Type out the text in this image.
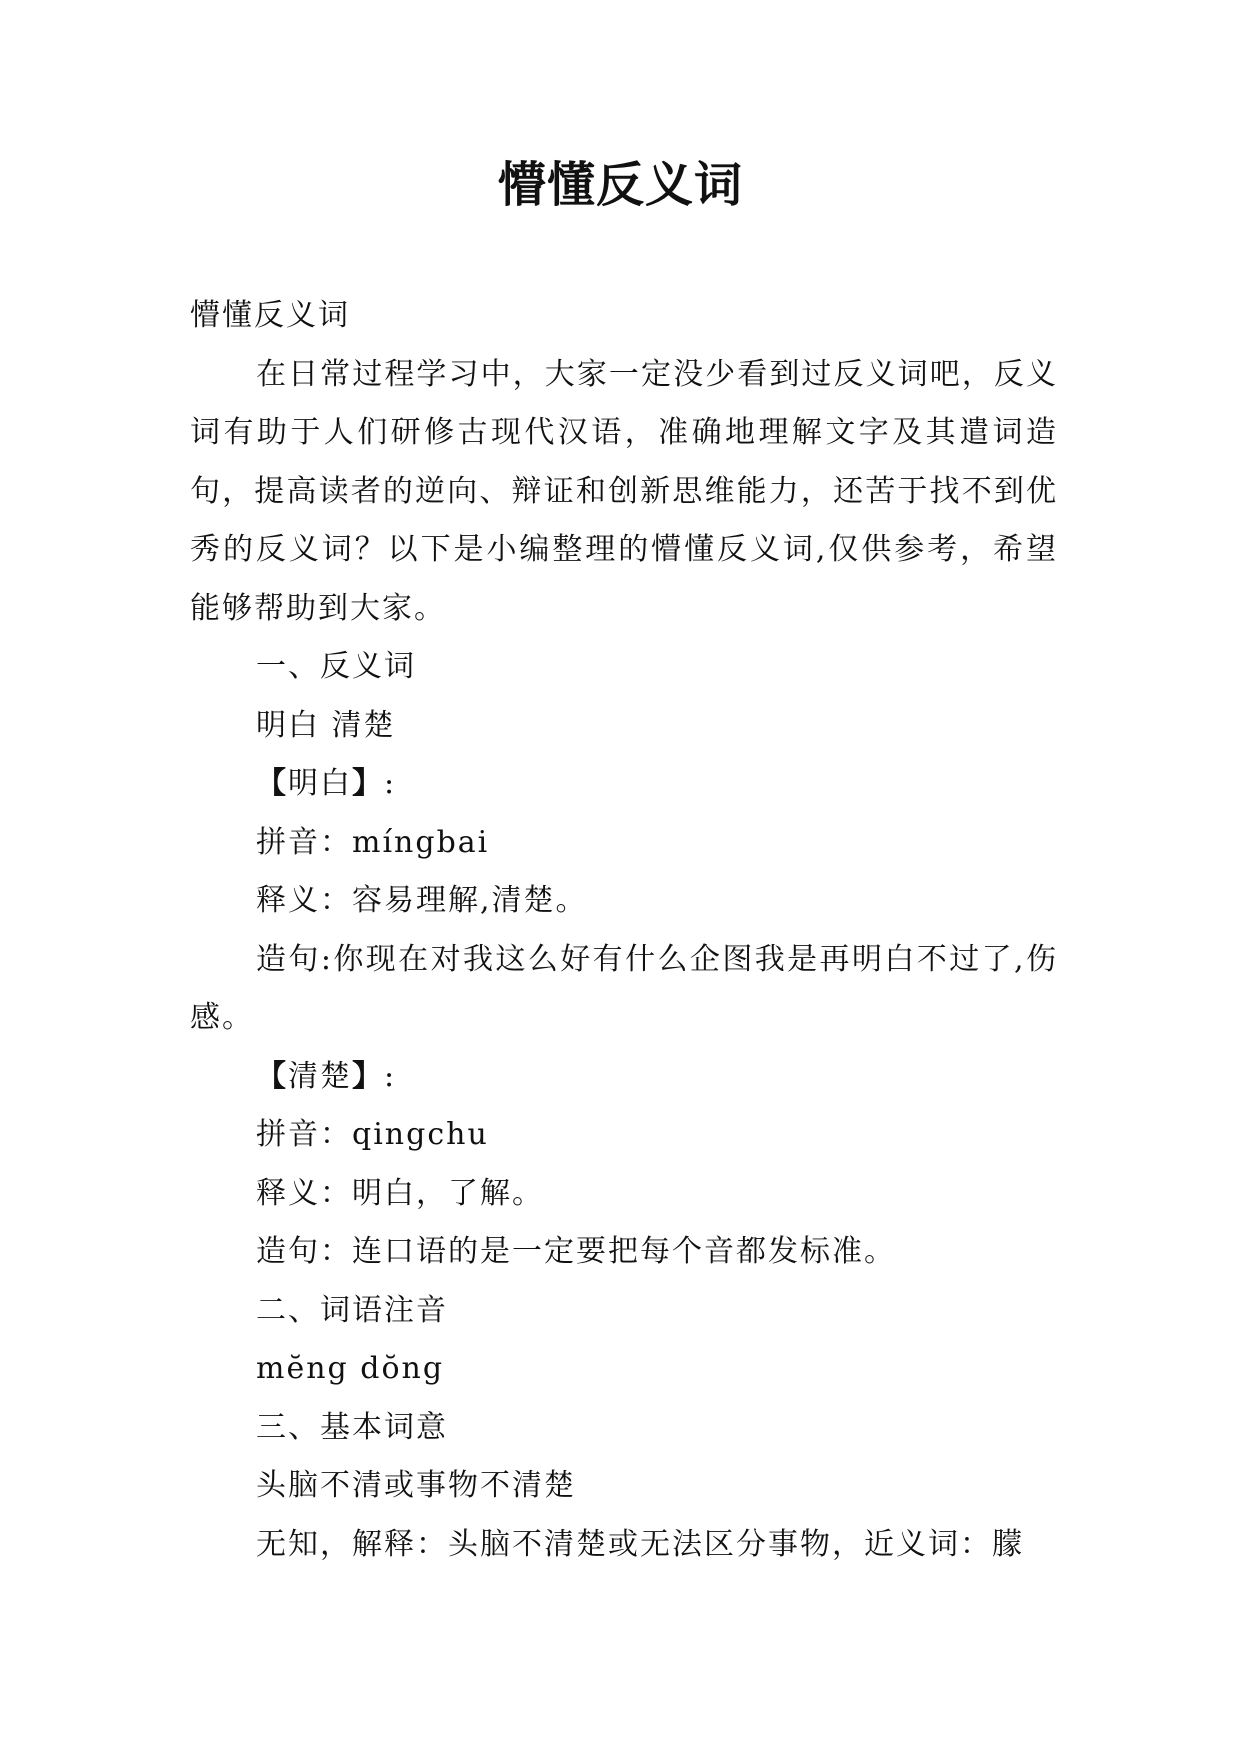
懵懂反义词

懵懂反义词

在日常过程学习中，大家一定没少看到过反义词吧，反义词有助于人们研修古现代汉语，准确地理解文字及其遣词造句，提高读者的逆向、辩证和创新思维能力，还苦于找不到优秀的反义词？以下是小编整理的懵懂反义词,仅供参考，希望能够帮助到大家。

一、反义词

明白 清楚

【明白】:

拼音：míngbai

释义：容易理解,清楚。

造句:你现在对我这么好有什么企图我是再明白不过了,伤感。

【清楚】:

拼音：qingchu

释义：明白，了解。

造句：连口语的是一定要把每个音都发标准。

二、词语注音

mĕng dŏng

三、基本词意

头脑不清或事物不清楚

无知，解释：头脑不清楚或无法区分事物，近义词：朦
